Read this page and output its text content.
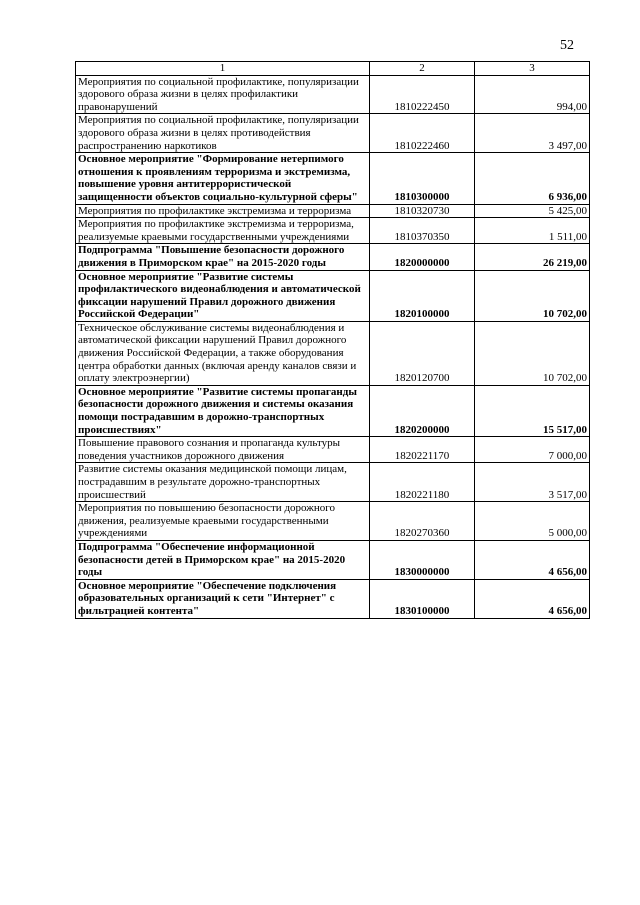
52
1	2	3
Мероприятия по социальной профилактике, популяризации здорового образа жизни в целях профилактики правонарушений	1810222450	994,00
Мероприятия по социальной профилактике, популяризации здорового образа жизни в целях противодействия распространению наркотиков	1810222460	3 497,00
Основное мероприятие "Формирование нетерпимого отношения к проявлениям терроризма и экстремизма, повышение уровня антитеррористической защищенности объектов социально-культурной сферы"	1810300000	6 936,00
Мероприятия по профилактике экстремизма и терроризма	1810320730	5 425,00
Мероприятия по профилактике экстремизма и терроризма, реализуемые краевыми государственными учреждениями	1810370350	1 511,00
Подпрограмма "Повышение безопасности дорожного движения в Приморском крае" на 2015-2020 годы	1820000000	26 219,00
Основное мероприятие "Развитие системы профилактического видеонаблюдения и автоматической фиксации нарушений Правил дорожного движения Российской Федерации"	1820100000	10 702,00
Техническое обслуживание системы видеонаблюдения и автоматической фиксации нарушений Правил дорожного движения Российской Федерации, а также оборудования центра обработки данных (включая аренду каналов связи и оплату электроэнергии)	1820120700	10 702,00
Основное мероприятие "Развитие системы пропаганды безопасности дорожного движения и системы оказания помощи пострадавшим в дорожно-транспортных происшествиях"	1820200000	15 517,00
Повышение правового сознания и пропаганда культуры поведения участников дорожного движения	1820221170	7 000,00
Развитие системы оказания медицинской помощи лицам, пострадавшим в результате дорожно-транспортных происшествий	1820221180	3 517,00
Мероприятия по повышению безопасности дорожного движения, реализуемые краевыми государственными учреждениями	1820270360	5 000,00
Подпрограмма "Обеспечение информационной безопасности детей в Приморском крае" на 2015-2020 годы	1830000000	4 656,00
Основное мероприятие "Обеспечение подключения образовательных организаций к сети "Интернет" с фильтрацией контента"	1830100000	4 656,00
